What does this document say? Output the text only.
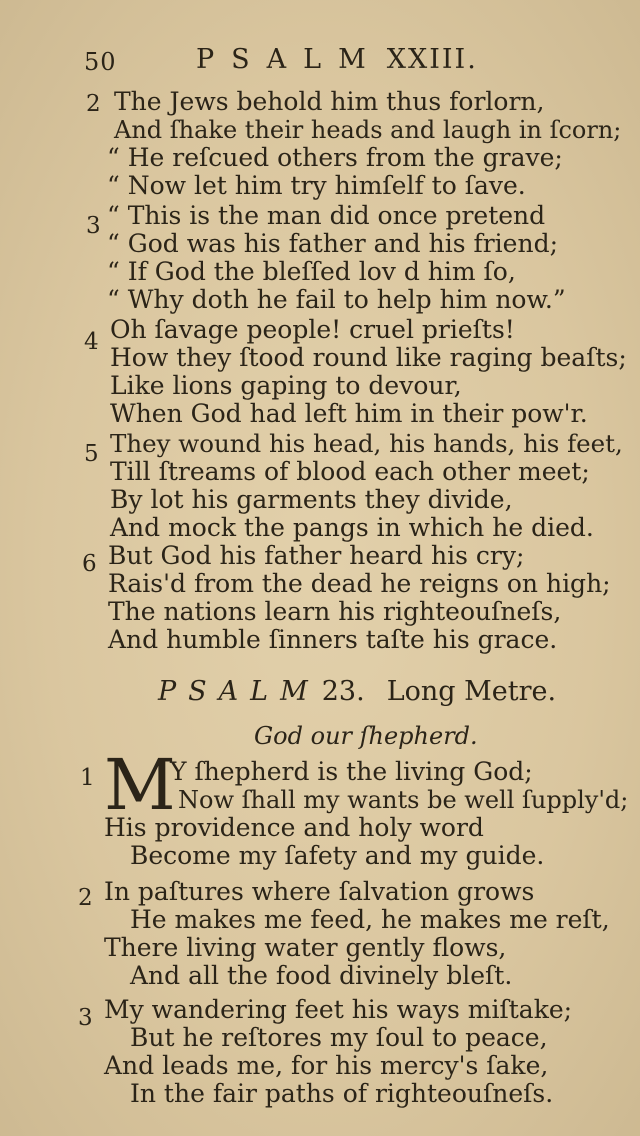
50	PSALM XXIII.
2 The Jews behold him thus forlorn,
And ſhake their heads and laugh in ſcorn;
“ He reſcued others from the grave;
“ Now let him try himſelf to ſave.
3 “ This is the man did once pretend
“ God was his father and his friend;
“ If God the bleſſed lov d him ſo,
“ Why doth he fail to help him now.”
4 Oh ſavage people! cruel prieſts!
How they ſtood round like raging beaſts;
Like lions gaping to devour,
When God had left him in their pow'r.
5 They wound his head, his hands, his feet,
Till ſtreams of blood each other meet;
By lot his garments they divide,
And mock the pangs in which he died.
6 But God his father heard his cry;
Rais'd from the dead he reigns on high;
The nations learn his righteouſneſs,
And humble ſinners taſte his grace.
PSALM23. Long Metre.
God our ſhepherd.
1 M
Y ſhepherd is the living God;
Now ſhall my wants be well ſupply'd;
His providence and holy word
Become my ſafety and my guide.
2 In paſtures where ſalvation grows
He makes me feed, he makes me reſt,
There living water gently flows,
And all the food divinely bleſt.
3 My wandering feet his ways miſtake;
But he reſtores my ſoul to peace,
And leads me, for his mercy's ſake,
In the fair paths of righteouſneſs.
